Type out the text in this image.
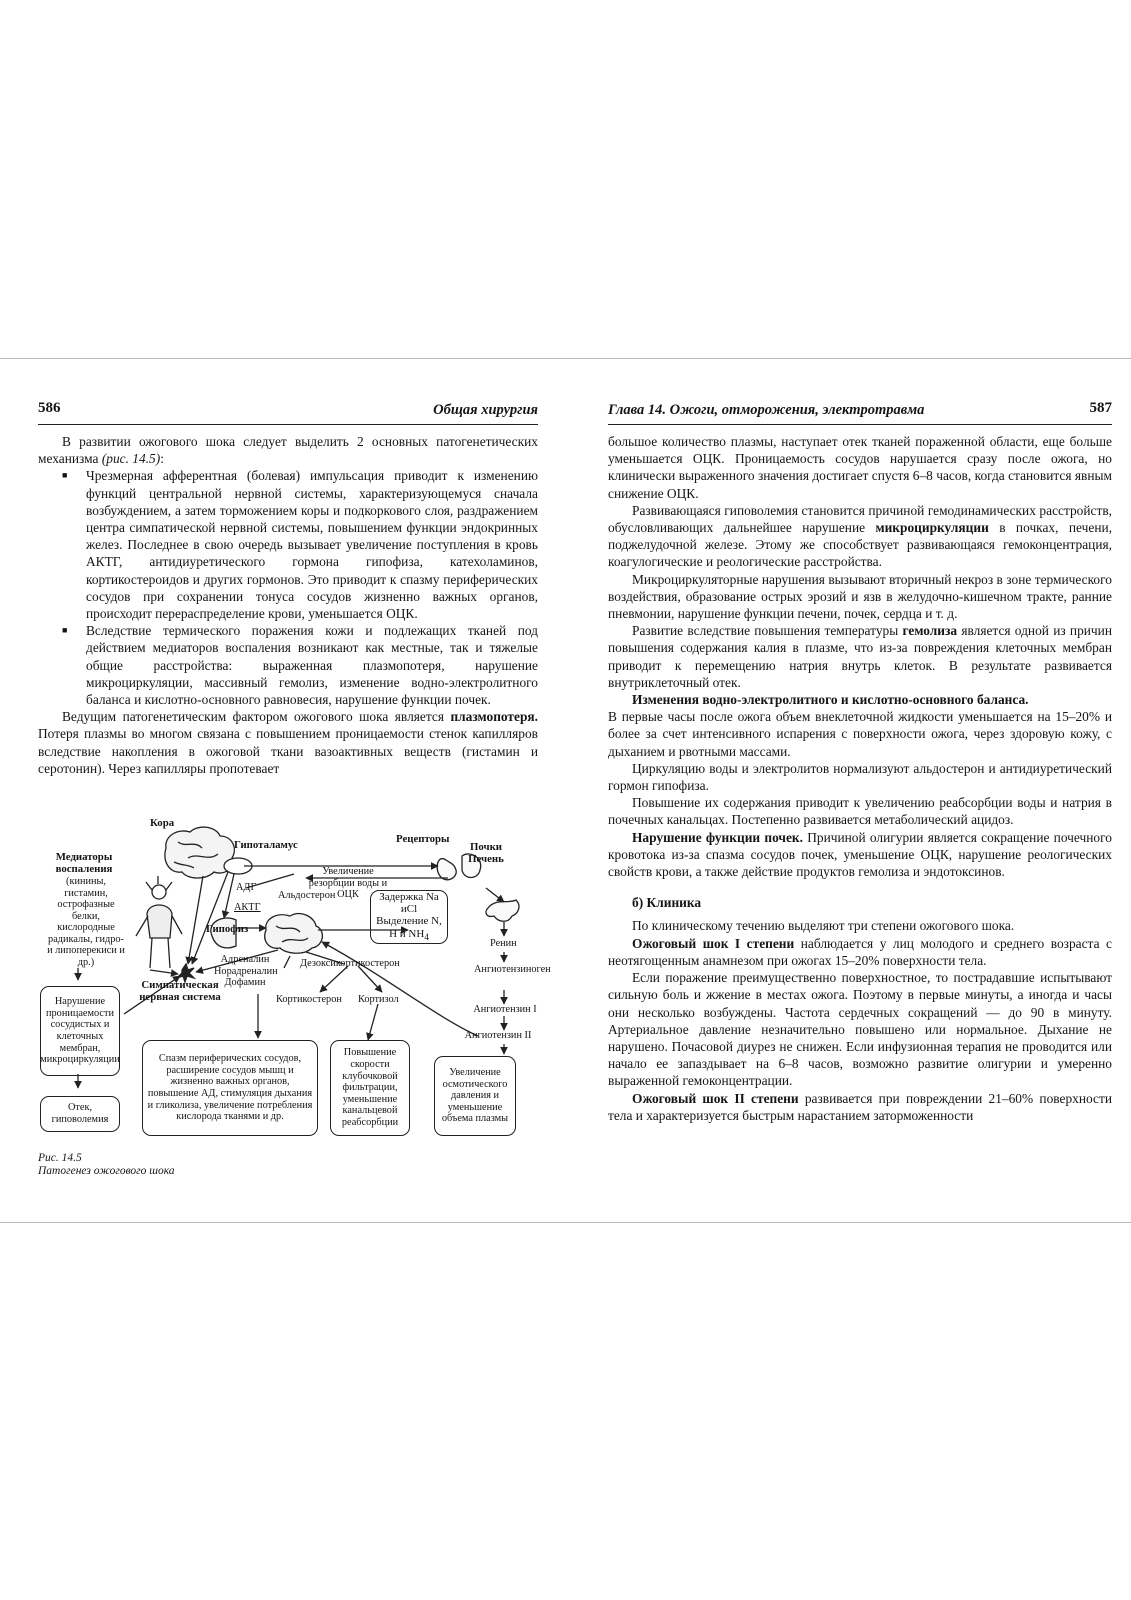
586	Общая хирургия

В развитии ожогового шока следует выделить 2 основных патогенетических механизма (рис. 14.5):

■ Чрезмерная афферентная (болевая) импульсация приводит к изменению функций центральной нервной системы, характеризующемуся сначала возбуждением, а затем торможением коры и подкоркового слоя, раздражением центра симпатической нервной системы, повышением функции эндокринных желез. Последнее в свою очередь вызывает увеличение поступления в кровь АКТГ, антидиуретического гормона гипофиза, катехоламинов, кортикостероидов и других гормонов. Это приводит к спазму периферических сосудов при сохранении тонуса сосудов жизненно важных органов, происходит перераспределение крови, уменьшается ОЦК.
■ Вследствие термического поражения кожи и подлежащих тканей под действием медиаторов воспаления возникают как местные, так и тяжелые общие расстройства: выраженная плазмопотеря, нарушение микроциркуляции, массивный гемолиз, изменение водно-электролитного баланса и кислотно-основного равновесия, нарушение функции почек.

Ведущим патогенетическим фактором ожогового шока является плазмопотеря. Потеря плазмы во многом связана с повышением проницаемости стенок капилляров вследствие накопления в ожоговой ткани вазоактивных веществ (гистамин и серотонин). Через капилляры пропотевает

Кора
Гипоталамус	Рецепторы
Почки
Печень
Медиаторы воспаления
(кинины, гистамин, острофазные белки, кислородные радикалы, гидро- и липоперекиси и др.)
Увеличение резорбции воды и ОЦК
АДГ
Альдостерон
АКТГ
Гипофиз
Задержка Na иCl Выделение N, H и $NH_4$
Ренин
Ангиотензиноген
Адреналин Норадреналин Дофамин
Дезоксикортикостерон
Кортикостерон Кортизол
Ангиотензин I
Ангиотензин II
Симпатическая нервная система
Нарушение проницаемости сосудистых и клеточных мембран, микроциркуляции
Отек, гиповолемия
Спазм периферических сосудов, расширение сосудов мышц и жизненно важных органов, повышение АД, стимуляция дыхания и гликолиза, увеличение потребления кислорода тканями и др.
Повышение скорости клубочковой фильтрации, уменьшение канальцевой реабсорбции
Увеличение осмотического давления и уменьшение объема плазмы
Рис. 14.5
Патогенез ожогового шока
Глава 14. Ожоги, отморожения, электротравма	587

большое количество плазмы, наступает отек тканей пораженной области, еще больше уменьшается ОЦК. Проницаемость сосудов нарушается сразу после ожога, но клинически выраженного значения достигает спустя 6–8 часов, когда становится явным снижение ОЦК.

Развивающаяся гиповолемия становится причиной гемодинамических расстройств, обусловливающих дальнейшее нарушение микроциркуляции в почках, печени, поджелудочной железе. Этому же способствует развивающаяся гемоконцентрация, коагулогические и реологические расстройства.

Микроциркуляторные нарушения вызывают вторичный некроз в зоне термического воздействия, образование острых эрозий и язв в желудочно-кишечном тракте, ранние пневмонии, нарушение функции печени, почек, сердца и т. д.

Развитие вследствие повышения температуры гемолиза является одной из причин повышения содержания калия в плазме, что из-за повреждения клеточных мембран приводит к перемещению натрия внутрь клеток. В результате развивается внутриклеточный отек.

Изменения водно-электролитного и кислотно-основного баланса.

В первые часы после ожога объем внеклеточной жидкости уменьшается на 15–20% и более за счет интенсивного испарения с поверхности ожога, через здоровую кожу, с дыханием и рвотными массами.

Циркуляцию воды и электролитов нормализуют альдостерон и антидиуретический гормон гипофиза.

Повышение их содержания приводит к увеличению реабсорбции воды и натрия в почечных канальцах. Постепенно развивается метаболический ацидоз.

Нарушение функции почек. Причиной олигурии является сокращение почечного кровотока из-за спазма сосудов почек, уменьшение ОЦК, нарушение реологических свойств крови, а также действие продуктов гемолиза и эндотоксинов.

б) Клиника

По клиническому течению выделяют три степени ожогового шока.

Ожоговый шок I степени наблюдается у лиц молодого и среднего возраста с неотягощенным анамнезом при ожогах 15–20% поверхности тела.

Если поражение преимущественно поверхностное, то пострадавшие испытывают сильную боль и жжение в местах ожога. Поэтому в первые минуты, а иногда и часы они несколько возбуждены. Частота сердечных сокращений — до 90 в минуту. Артериальное давление незначительно повышено или нормальное. Дыхание не нарушено. Почасовой диурез не снижен. Если инфузионная терапия не проводится или начало ее запаздывает на 6–8 часов, возможно развитие олигурии и умеренно выраженной гемоконцентрации.

Ожоговый шок II степени развивается при повреждении 21–60% поверхности тела и характеризуется быстрым нарастанием заторможенности
